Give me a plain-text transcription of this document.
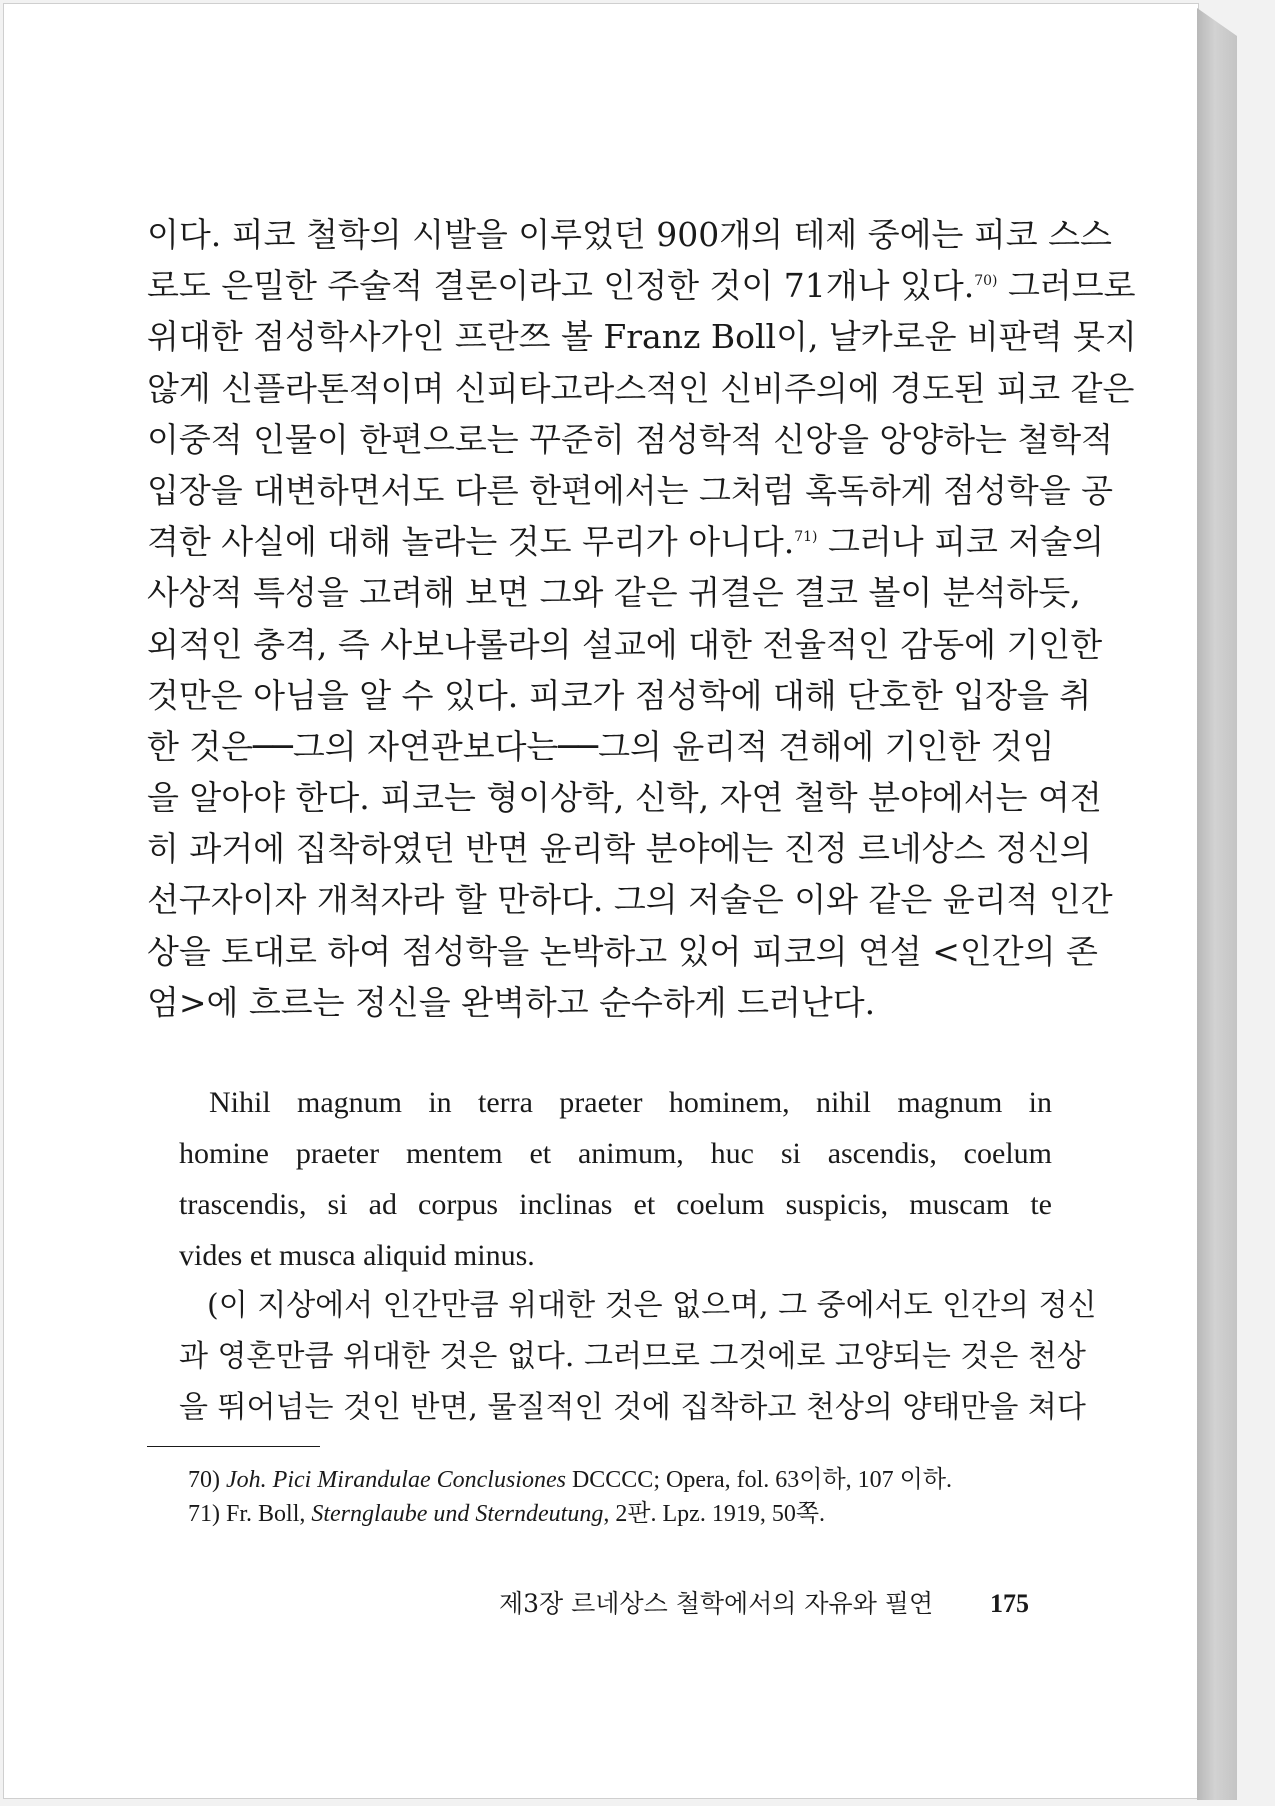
이다. 피코 철학의 시발을 이루었던 900개의 테제 중에는 피코 스스
로도 은밀한 주술적 결론이라고 인정한 것이 71개나 있다.$^{70)}$ 그러므로
위대한 점성학사가인 프란쯔 볼 Franz Boll이, 날카로운 비판력 못지
않게 신플라톤적이며 신피타고라스적인 신비주의에 경도된 피코 같은
이중적 인물이 한편으로는 꾸준히 점성학적 신앙을 앙양하는 철학적
입장을 대변하면서도 다른 한편에서는 그처럼 혹독하게 점성학을 공
격한 사실에 대해 놀라는 것도 무리가 아니다.$^{71)}$ 그러나 피코 저술의
사상적 특성을 고려해 보면 그와 같은 귀결은 결코 볼이 분석하듯,
외적인 충격, 즉 사보나롤라의 설교에 대한 전율적인 감동에 기인한
것만은 아님을 알 수 있다. 피코가 점성학에 대해 단호한 입장을 취
한 것은──그의 자연관보다는──그의 윤리적 견해에 기인한 것임
을 알아야 한다. 피코는 형이상학, 신학, 자연 철학 분야에서는 여전
히 과거에 집착하였던 반면 윤리학 분야에는 진정 르네상스 정신의
선구자이자 개척자라 할 만하다. 그의 저술은 이와 같은 윤리적 인간
상을 토대로 하여 점성학을 논박하고 있어 피코의 연설 <인간의 존
엄>에 흐르는 정신을 완벽하고 순수하게 드러난다.
Nihil magnum in terra praeter hominem, nihil magnum in
homine praeter mentem et animum, huc si ascendis, coelum
trascendis, si ad corpus inclinas et coelum suspicis, muscam te
vides et musca aliquid minus.
(이 지상에서 인간만큼 위대한 것은 없으며, 그 중에서도 인간의 정신
과 영혼만큼 위대한 것은 없다. 그러므로 그것에로 고양되는 것은 천상
을 뛰어넘는 것인 반면, 물질적인 것에 집착하고 천상의 양태만을 쳐다
70) Joh. Pici Mirandulae Conclusiones DCCCC; Opera, fol. 63이하, 107 이하.
71) Fr. Boll, Sternglaube und Sterndeutung, 2판. Lpz. 1919, 50쪽.
제3장 르네상스 철학에서의 자유와 필연 175
